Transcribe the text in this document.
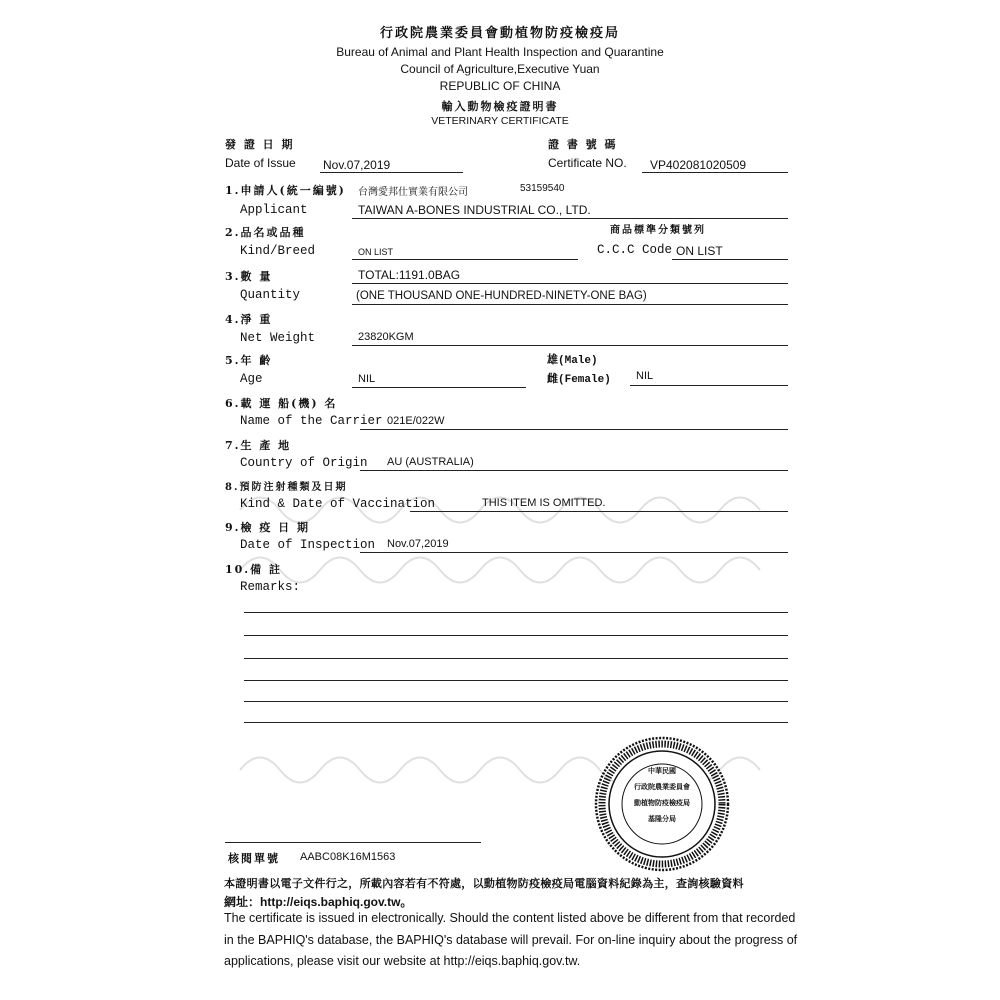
行政院農業委員會動植物防疫檢疫局
Bureau of Animal and Plant Health Inspection and Quarantine
Council of Agriculture,Executive Yuan
REPUBLIC OF CHINA
輸入動物檢疫證明書
VETERINARY CERTIFICATE
發 證 日 期
Date of Issue Nov.07,2019
證 書 號 碼
Certificate NO. VP402081020509
1.申請人(統一編號)
Applicant
台灣愛邦仕實業有限公司	53159540
TAIWAN A-BONES INDUSTRIAL CO., LTD.
2.品名或品種
Kind/Breed	ON LIST
商品標準分類號列
C.C.C Code ON LIST
3.數 量
Quantity
TOTAL:1191.0BAG
(ONE THOUSAND ONE-HUNDRED-NINETY-ONE BAG)
4.淨 重
Net Weight	23820KGM
5.年 齡
Age	NIL
雄(Male)
雌(Female) NIL
6.載 運 船(機) 名
Name of the Carrier 021E/022W
7.生 產 地
Country of Origin AU (AUSTRALIA)
8.預防注射種類及日期
Kind & Date of Vaccination	THIS ITEM IS OMITTED.
9.檢 疫 日 期
Date of Inspection Nov.07,2019
10.備 註
Remarks:
中華民國
行政院農業委員會
動植物防疫檢疫局
基隆分局
核閱單號 AABC08K16M1563
本證明書以電子文件行之，所載內容若有不符處，以動植物防疫檢疫局電腦資料紀錄為主，查詢核驗資料
網址：http://eiqs.baphiq.gov.tw。
The certificate is issued in electronically. Should the content listed above be different from that recorded
in the BAPHIQ's database, the BAPHIQ's database will prevail. For on-line inquiry about the progress of
applications, please visit our website at http://eiqs.baphiq.gov.tw.
